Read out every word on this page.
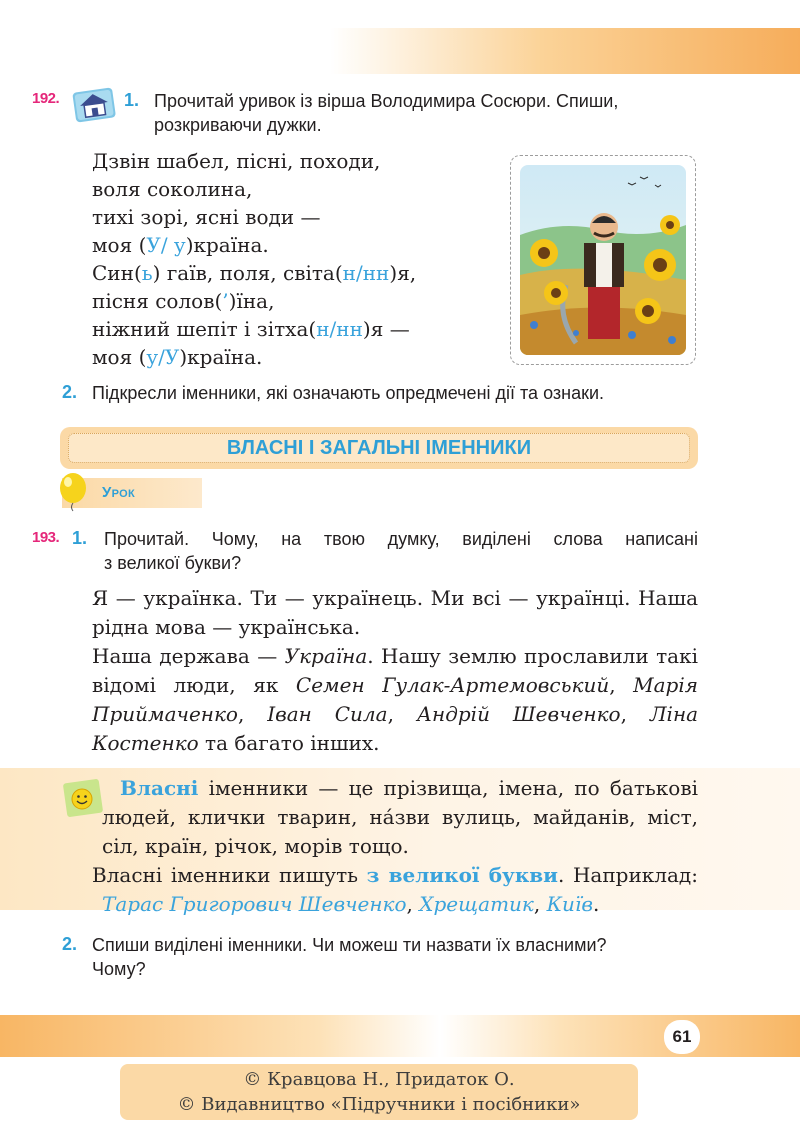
192.	1. Прочитай уривок із вірша Володимира Сосюри. Спиши,
розкриваючи дужки.
Дзвін шабел, пісні, походи,
воля соколина,
тихі зорі, ясні води —
моя (У/ у)країна.
Син(ь) гаїв, поля, світа(н/нн)я,
пісня солов(’)їна,
ніжний шепіт і зітха(н/нн)я —
моя (у/У)країна.
2. Підкресли іменники, які означають опредмечені дії та ознаки.
ВЛАСНІ І ЗАГАЛЬНІ ІМЕННИКИ
Урок
193. 1. Прочитай. Чому, на твою думку, виділені слова написані
з великої букви?

Я — українка. Ти — українець. Ми всі — українці. Наша рідна мова — українська.

Наша держава — Україна. Нашу землю прославили такі відомі люди, як Семен Гулак-Артемовський, Марія Приймаченко, Іван Сила, Андрій Шевченко, Ліна Костенко та багато інших.

Власні іменники — це прізвища, імена, по батькові людей, клички тварин, на́зви вулиць, майданів, міст, сіл, країн, річок, морів тощо.

Власні іменники пишуть з великої букви. Наприклад: Тарас Григорович Шевченко, Хрещатик, Київ.

2. Спиши виділені іменники. Чи можеш ти назвати їх власними?
Чому?
61
© Кравцова Н., Придаток О.
© Видавництво «Підручники і посібники»
